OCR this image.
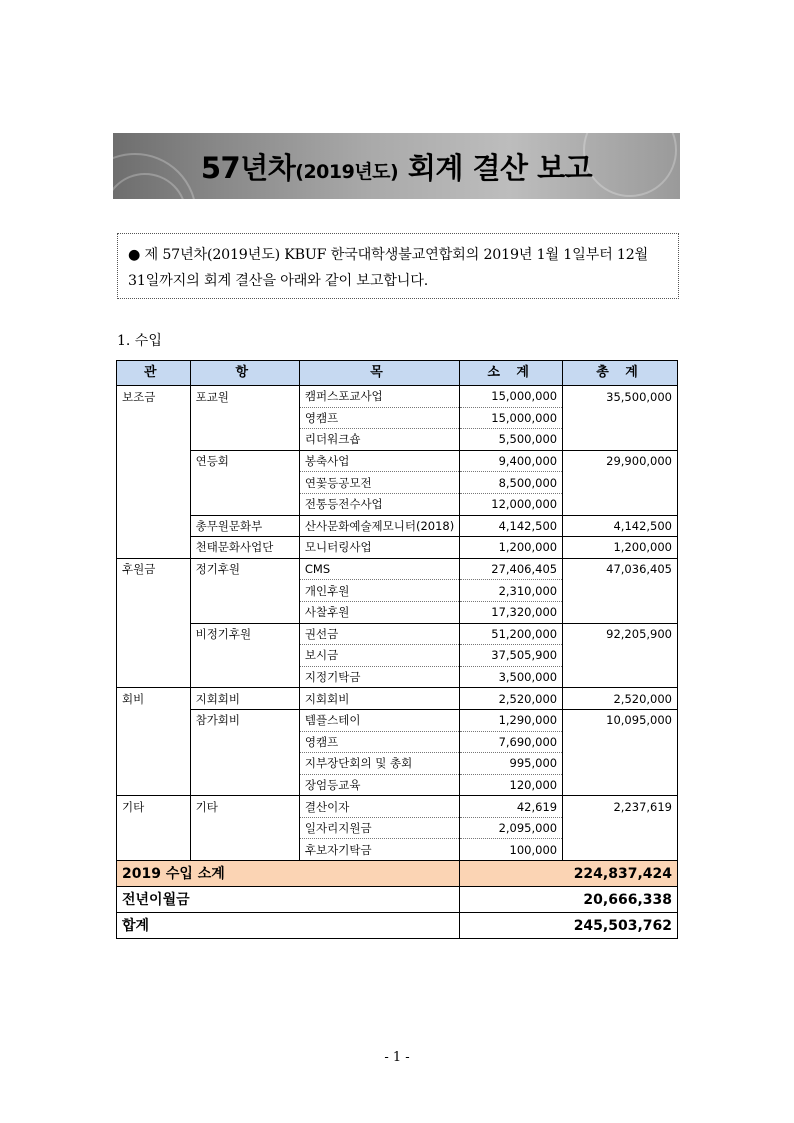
57년차(2019년도) 회계 결산 보고
● 제 57년차(2019년도) KBUF 한국대학생불교연합회의 2019년 1월 1일부터 12월 31일까지의 회계 결산을 아래와 같이 보고합니다.
1. 수입
관	항	목	소 계	총 계
보조금	포교원	캠퍼스포교사업	15,000,000	35,500,000
		영캠프	15,000,000	
		리더워크숍	5,500,000	
	연등회	봉축사업	9,400,000	29,900,000
		연꽃등공모전	8,500,000	
		전통등전수사업	12,000,000	
	총무원문화부	산사문화예술제모니터(2018)	4,142,500	4,142,500
	천태문화사업단	모니터링사업	1,200,000	1,200,000
후원금	정기후원	CMS	27,406,405	47,036,405
		개인후원	2,310,000	
		사찰후원	17,320,000	
	비정기후원	권선금	51,200,000	92,205,900
		보시금	37,505,900	
		지정기탁금	3,500,000	
회비	지회회비	지회회비	2,520,000	2,520,000
	참가회비	템플스테이	1,290,000	10,095,000
		영캠프	7,690,000	
		지부장단회의 및 총회	995,000	
		장엄등교육	120,000	
기타	기타	결산이자	42,619	2,237,619
		일자리지원금	2,095,000	
		후보자기탁금	100,000	
2019 수입 소계			224,837,424	
전년이월금			20,666,338	
합계			245,503,762	
- 1 -
